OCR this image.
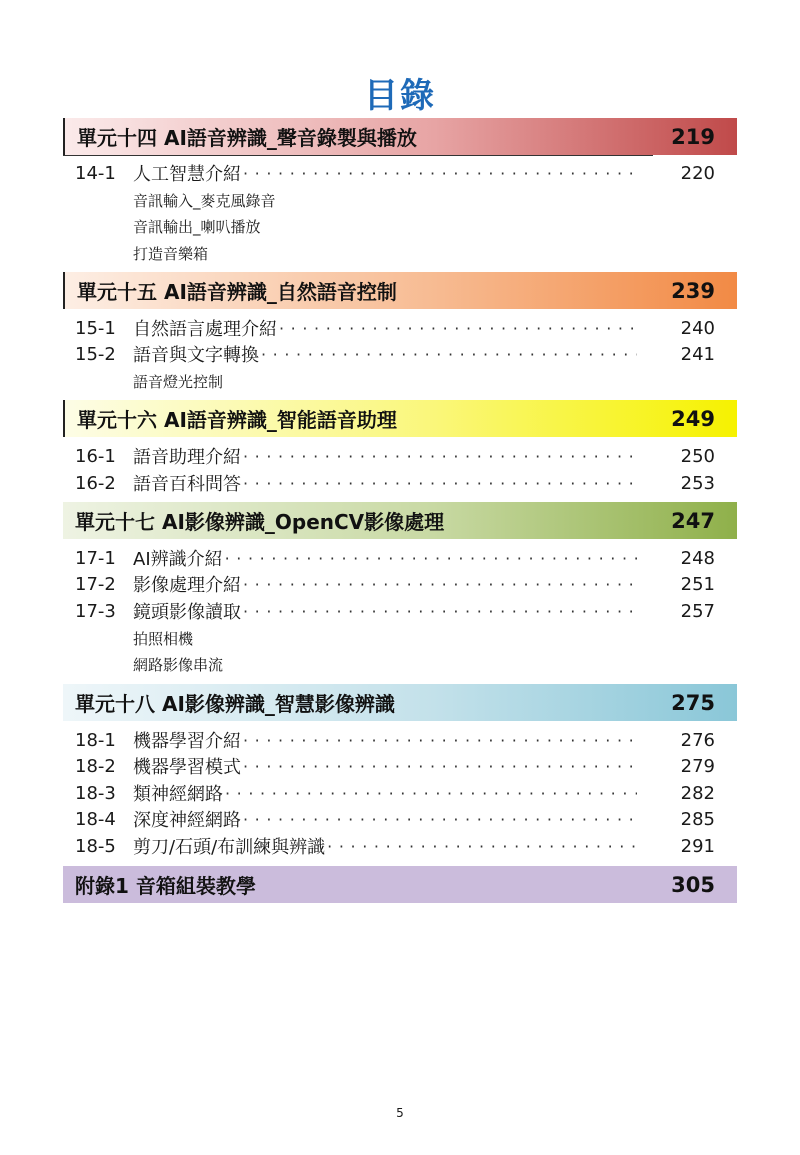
目錄
單元十四 AI語音辨識_聲音錄製與播放	219
14-1 人工智慧介紹 ·····	220
音訊輸入_麥克風錄音
音訊輸出_喇叭播放
打造音樂箱
單元十五 AI語音辨識_自然語音控制	239
15-1 自然語言處理介紹 ·····	240
15-2 語音與文字轉換 ·····	241
語音燈光控制
單元十六 AI語音辨識_智能語音助理	249
16-1 語音助理介紹 ·····	250
16-2 語音百科問答 ·····	253
單元十七 AI影像辨識_OpenCV影像處理	247
17-1 AI辨識介紹 ·····	248
17-2 影像處理介紹 ·····	251
17-3 鏡頭影像讀取 ·····	257
拍照相機
網路影像串流
單元十八 AI影像辨識_智慧影像辨識	275
18-1 機器學習介紹 ·····	276
18-2 機器學習模式 ·····	279
18-3 類神經網路 ·····	282
18-4 深度神經網路 ·····	285
18-5 剪刀/石頭/布訓練與辨識 ·····	291
附錄1 音箱組裝教學	305
5
